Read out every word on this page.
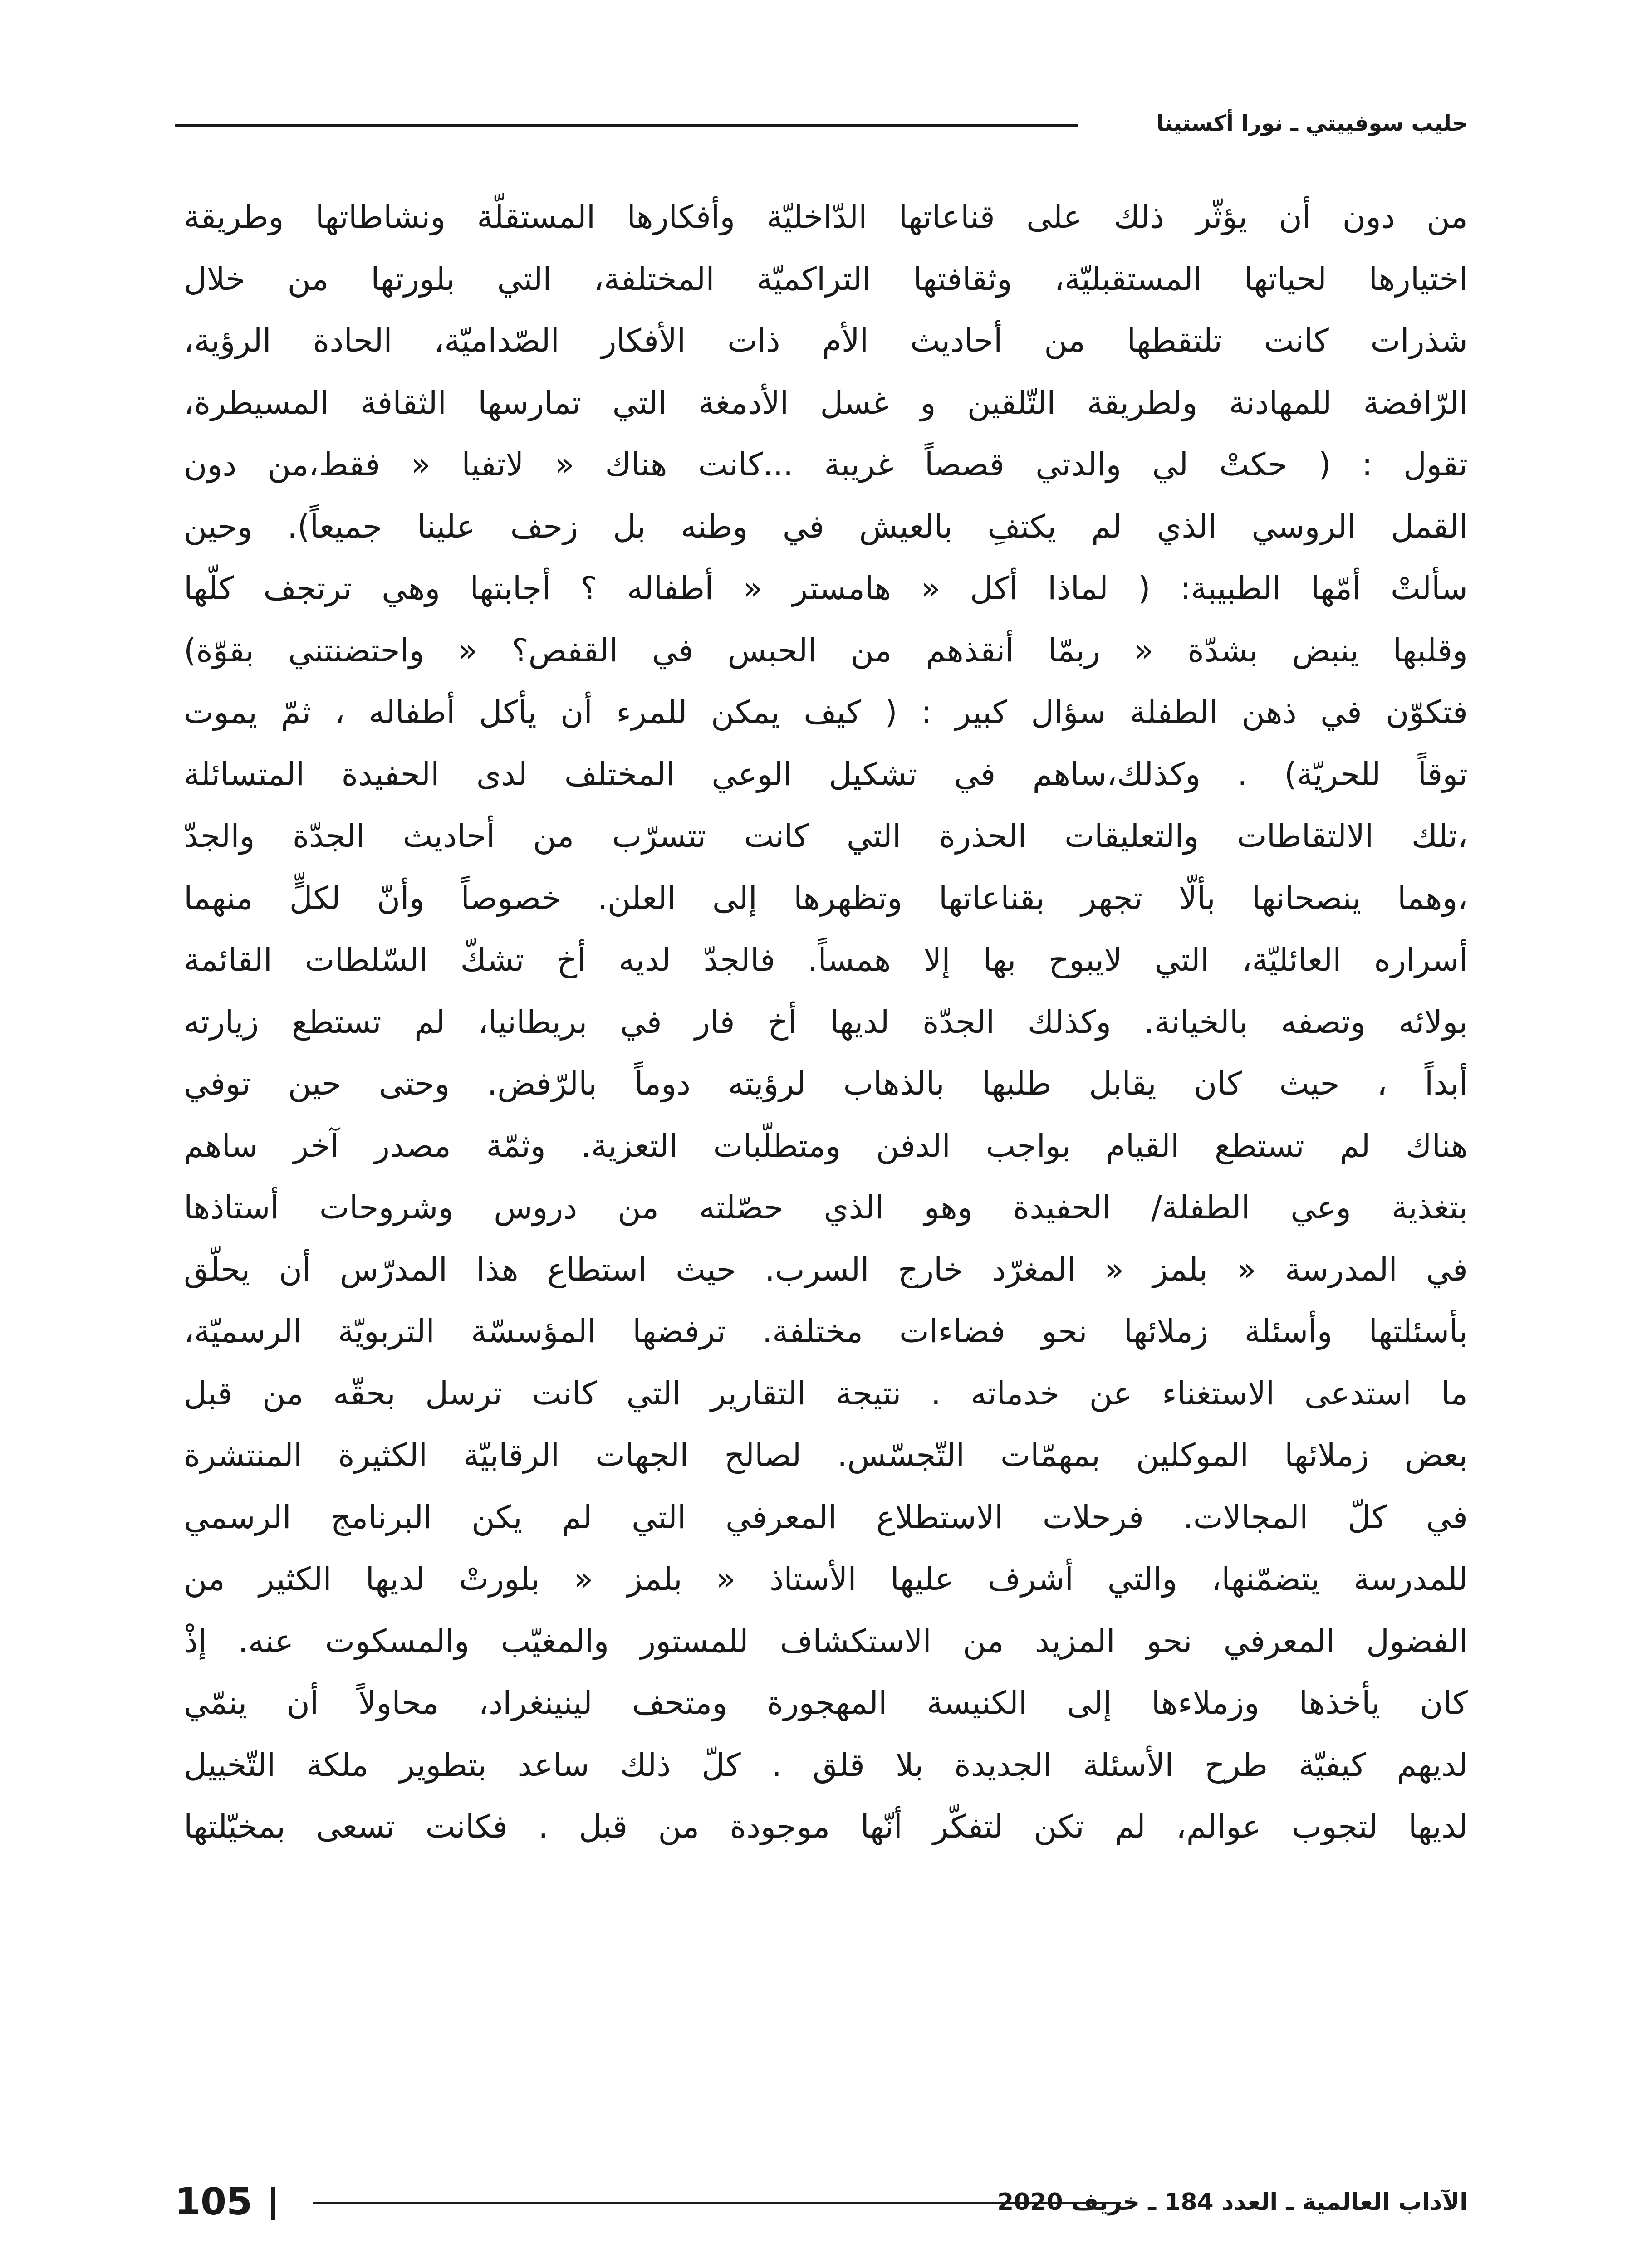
حليب سوفييتي ـ نورا أكستينا
من دون أن يؤثّر ذلك على قناعاتها الدّاخليّة وأفكارها المستقلّة ونشاطاتها وطريقة
اختيارها لحياتها المستقبليّة، وثقافتها التراكميّة المختلفة، التي بلورتها من خلال
شذرات كانت تلتقطها من أحاديث الأم ذات الأفكار الصّداميّة، الحادة الرؤية،
الرّافضة للمهادنة ولطريقة التّلقين و غسل الأدمغة التي تمارسها الثقافة المسيطرة،
تقول : ( حكتْ لي والدتي قصصاً غريبة ...كانت هناك « لاتفيا « فقط،من دون
القمل الروسي الذي لم يكتفِ بالعيش في وطنه بل زحف علينا جميعاً). وحين
سألتْ أمّها الطبيبة: ( لماذا أكل « هامستر « أطفاله ؟ أجابتها وهي ترتجف كلّها
وقلبها ينبض بشدّة « ربمّا أنقذهم من الحبس في القفص؟ « واحتضنتني بقوّة)
فتكوّن في ذهن الطفلة سؤال كبير : ( كيف يمكن للمرء أن يأكل أطفاله ، ثمّ يموت
توقاً للحريّة) . وكذلك،ساهم في تشكيل الوعي المختلف لدى الحفيدة المتسائلة
،تلك الالتقاطات والتعليقات الحذرة التي كانت تتسرّب من أحاديث الجدّة والجدّ
،وهما ينصحانها بألّا تجهر بقناعاتها وتظهرها إلى العلن. خصوصاً وأنّ لكلٍّ منهما
أسراره العائليّة، التي لايبوح بها إلا همساً. فالجدّ لديه أخ تشكّ السّلطات القائمة
بولائه وتصفه بالخيانة. وكذلك الجدّة لديها أخ فار في بريطانيا، لم تستطع زيارته
أبداً ، حيث كان يقابل طلبها بالذهاب لرؤيته دوماً بالرّفض. وحتى حين توفي
هناك لم تستطع القيام بواجب الدفن ومتطلّبات التعزية. وثمّة مصدر آخر ساهم
بتغذية وعي الطفلة/ الحفيدة وهو الذي حصّلته من دروس وشروحات أستاذها
في المدرسة « بلمز « المغرّد خارج السرب. حيث استطاع هذا المدرّس أن يحلّق
بأسئلتها وأسئلة زملائها نحو فضاءات مختلفة. ترفضها المؤسسّة التربويّة الرسميّة،
ما استدعى الاستغناء عن خدماته . نتيجة التقارير التي كانت ترسل بحقّه من قبل
بعض زملائها الموكلين بمهمّات التّجسّس. لصالح الجهات الرقابيّة الكثيرة المنتشرة
في كلّ المجالات. فرحلات الاستطلاع المعرفي التي لم يكن البرنامج الرسمي
للمدرسة يتضمّنها، والتي أشرف عليها الأستاذ « بلمز « بلورتْ لديها الكثير من
الفضول المعرفي نحو المزيد من الاستكشاف للمستور والمغيّب والمسكوت عنه. إذْ
كان يأخذها وزملاءها إلى الكنيسة المهجورة ومتحف لينينغراد، محاولاً أن ينمّي
لديهم كيفيّة طرح الأسئلة الجديدة بلا قلق . كلّ ذلك ساعد بتطوير ملكة التّخييل
لديها لتجوب عوالم، لم تكن لتفكّر أنّها موجودة من قبل . فكانت تسعى بمخيّلتها
105	الآداب العالمية ـ العدد 184 ـ خريف 2020
